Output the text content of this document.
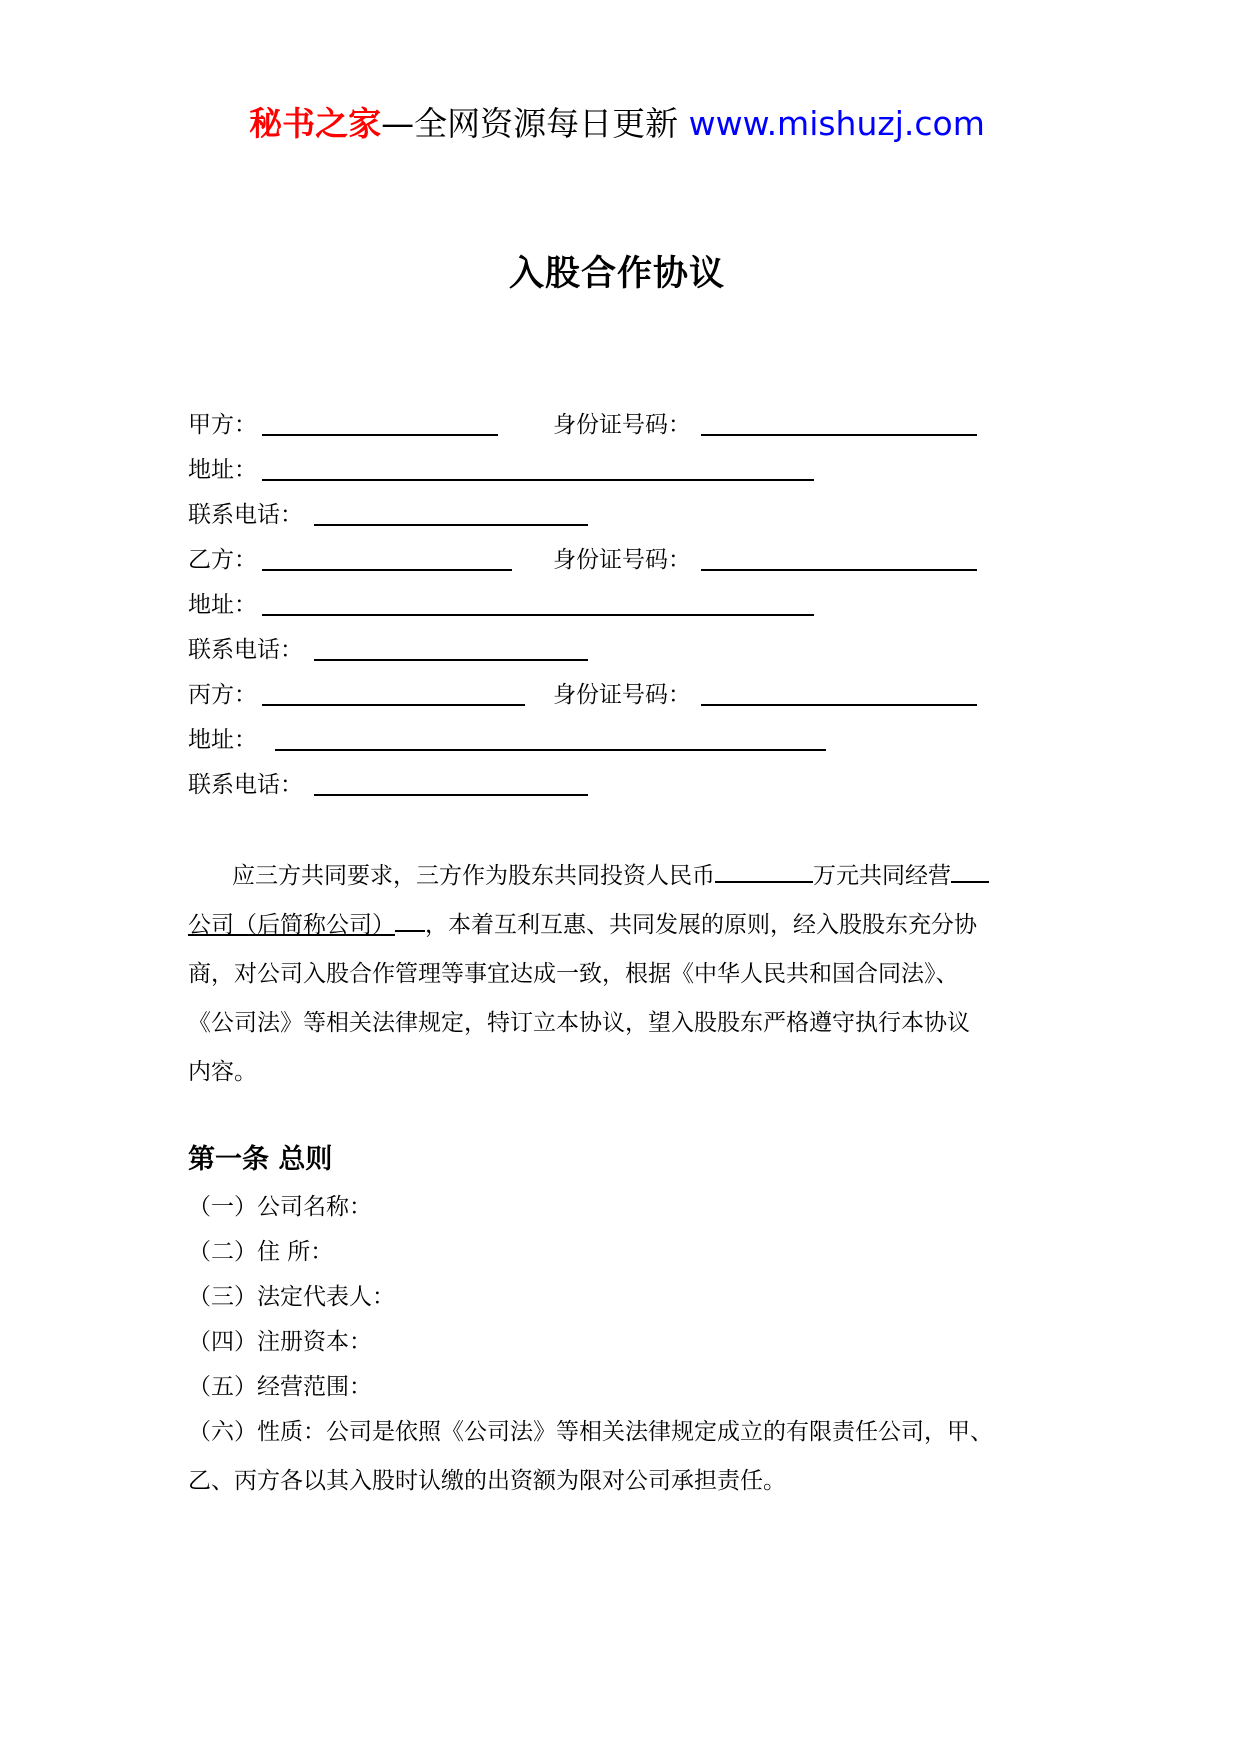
秘书之家—全网资源每日更新 www.mishuzj.com
入股合作协议
甲方：	身份证号码：
地址：
联系电话：
乙方：	身份证号码：
地址：
联系电话：
丙方：	身份证号码：
地址：
联系电话：
应三方共同要求，三方作为股东共同投资人民币	万元共同经营
公司（后简称公司） ，本着互利互惠、共同发展的原则，经入股股东充分协
商，对公司入股合作管理等事宜达成一致，根据《中华人民共和国合同法》、
《公司法》等相关法律规定，特订立本协议，望入股股东严格遵守执行本协议
内容。
第一条 总则
（一）公司名称：
（二）住 所：
（三）法定代表人：
（四）注册资本：
（五）经营范围：
（六）性质：公司是依照《公司法》等相关法律规定成立的有限责任公司，甲、
乙、丙方各以其入股时认缴的出资额为限对公司承担责任。
